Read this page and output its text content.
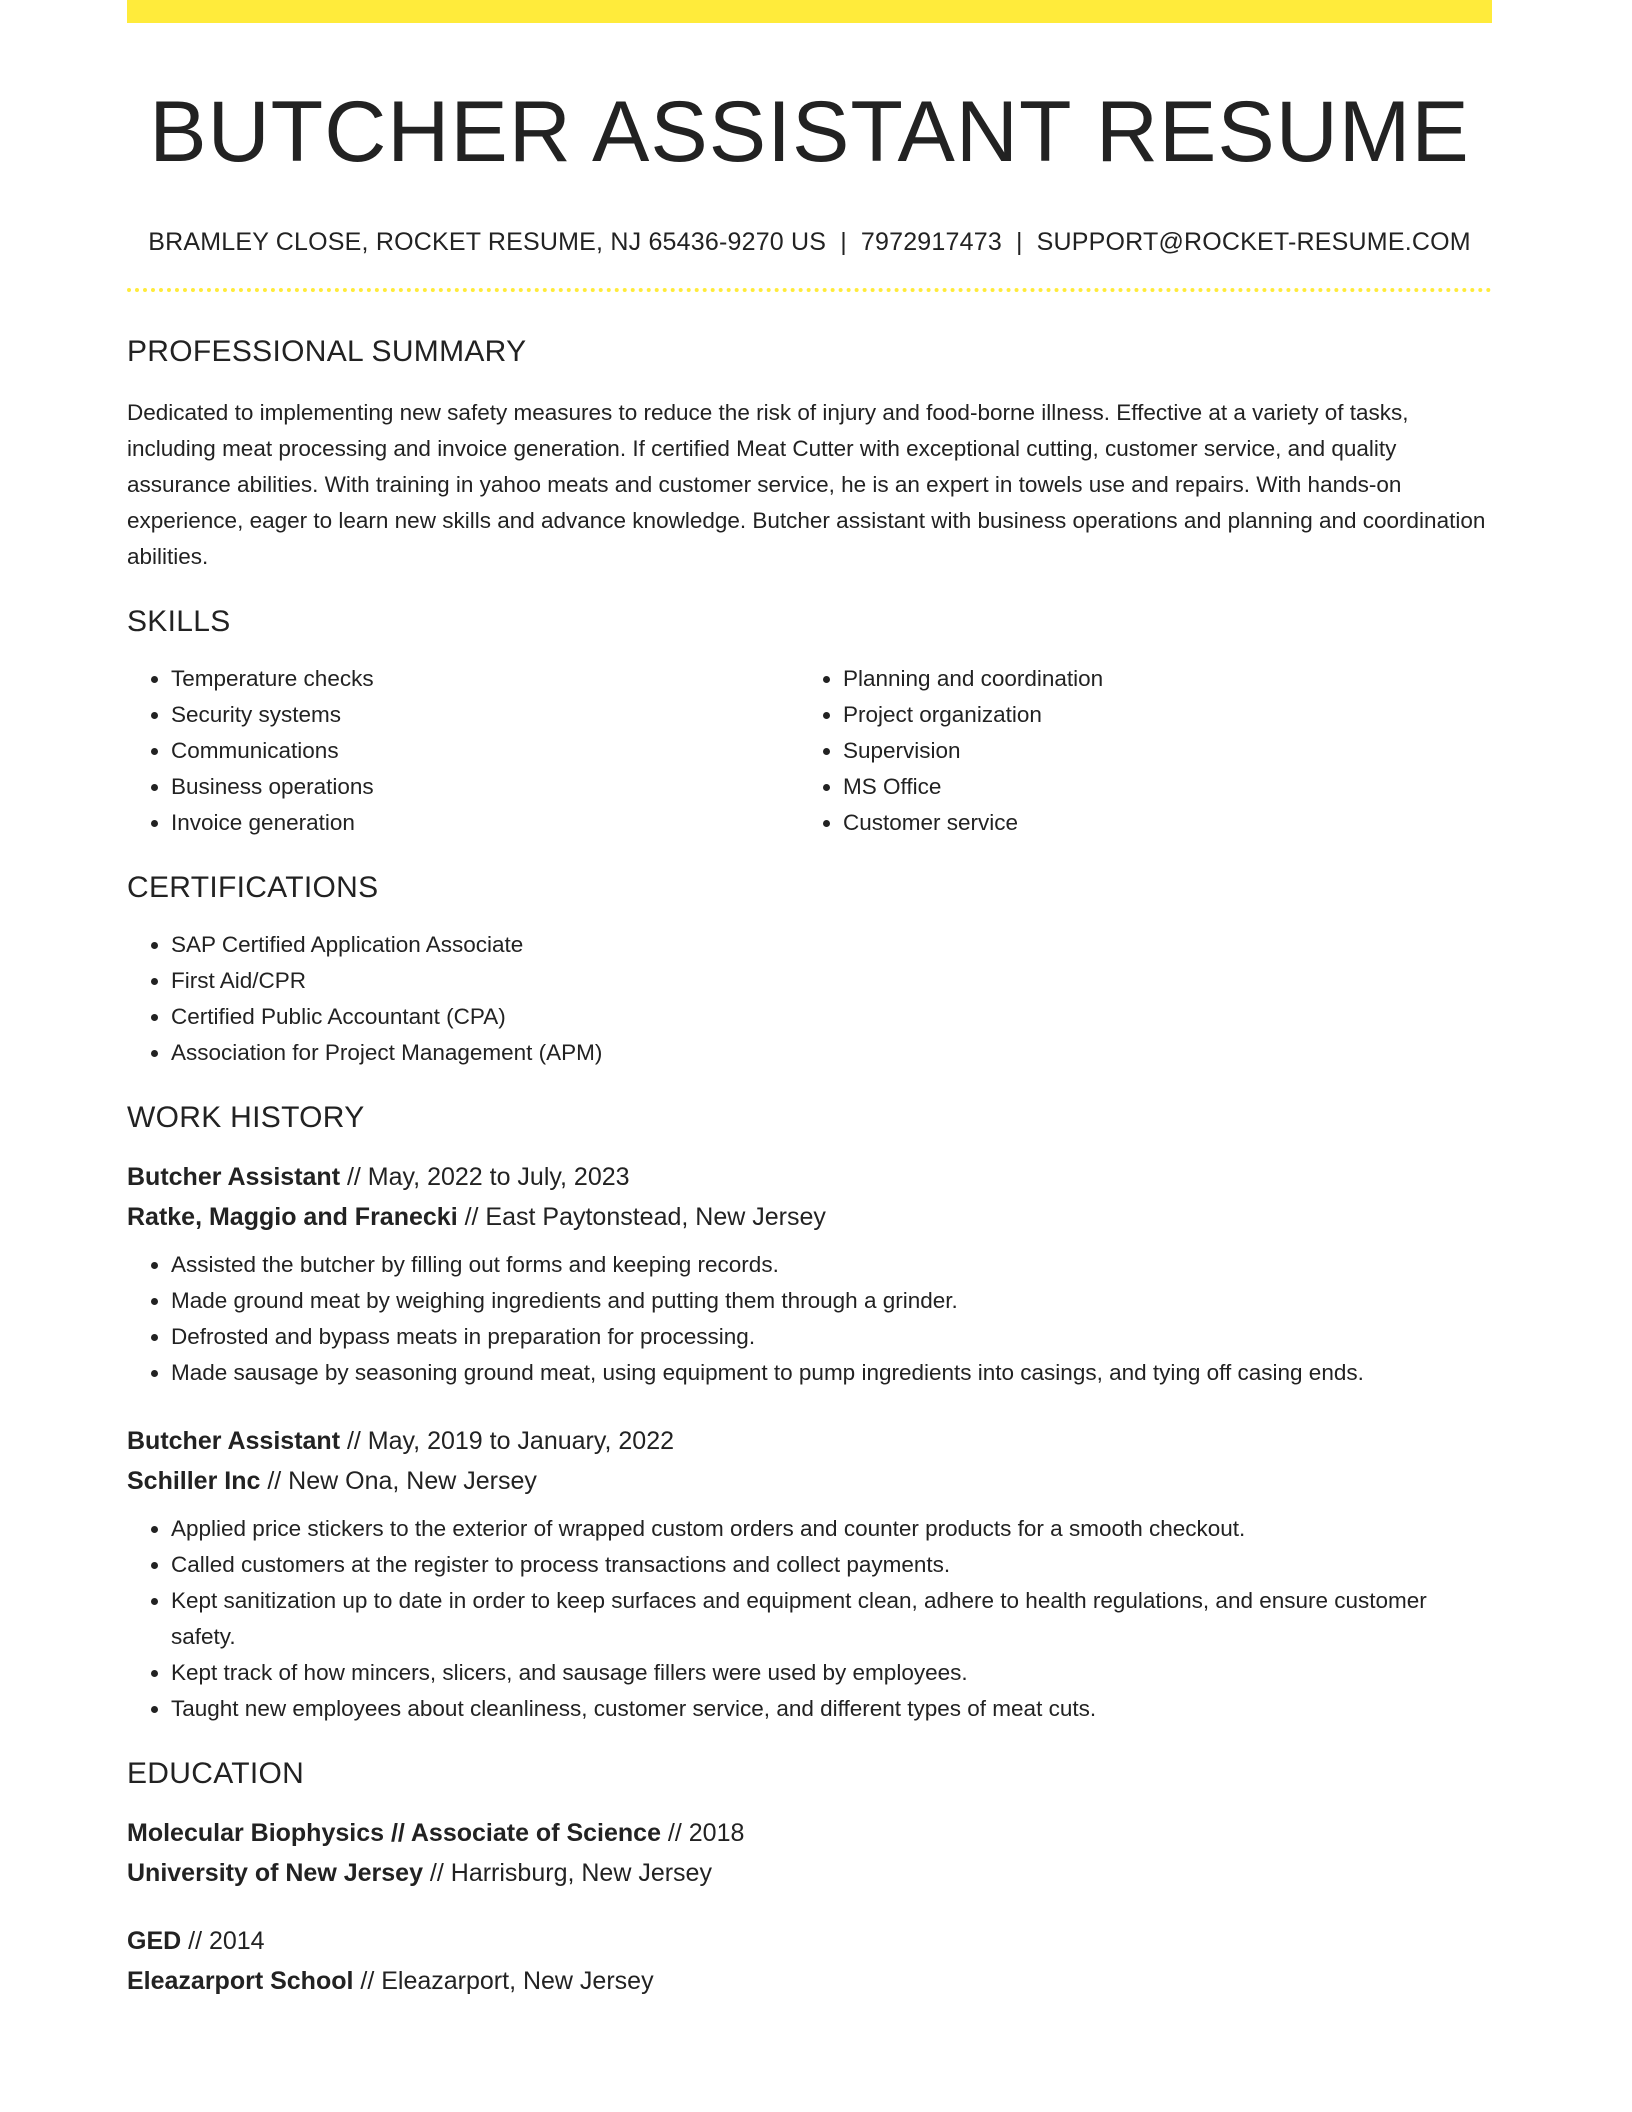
BUTCHER ASSISTANT RESUME
BRAMLEY CLOSE, ROCKET RESUME, NJ 65436-9270 US | 7972917473 | SUPPORT@ROCKET-RESUME.COM
PROFESSIONAL SUMMARY

Dedicated to implementing new safety measures to reduce the risk of injury and food-borne illness. Effective at a variety of tasks, including meat processing and invoice generation. If certified Meat Cutter with exceptional cutting, customer service, and quality assurance abilities. With training in yahoo meats and customer service, he is an expert in towels use and repairs. With hands-on experience, eager to learn new skills and advance knowledge. Butcher assistant with business operations and planning and coordination abilities.

SKILLS
• Temperature checks
• Security systems
• Communications
• Business operations
• Invoice generation
• Planning and coordination
• Project organization
• Supervision
• MS Office
• Customer service
CERTIFICATIONS
• SAP Certified Application Associate
• First Aid/CPR
• Certified Public Accountant (CPA)
• Association for Project Management (APM)
WORK HISTORY
Butcher Assistant // May, 2022 to July, 2023
Ratke, Maggio and Franecki // East Paytonstead, New Jersey
• Assisted the butcher by filling out forms and keeping records.
• Made ground meat by weighing ingredients and putting them through a grinder.
• Defrosted and bypass meats in preparation for processing.
• Made sausage by seasoning ground meat, using equipment to pump ingredients into casings, and tying off casing ends.
Butcher Assistant // May, 2019 to January, 2022
Schiller Inc // New Ona, New Jersey
• Applied price stickers to the exterior of wrapped custom orders and counter products for a smooth checkout.
• Called customers at the register to process transactions and collect payments.
• Kept sanitization up to date in order to keep surfaces and equipment clean, adhere to health regulations, and ensure customer safety.
• Kept track of how mincers, slicers, and sausage fillers were used by employees.
• Taught new employees about cleanliness, customer service, and different types of meat cuts.
EDUCATION
Molecular Biophysics // Associate of Science // 2018
University of New Jersey // Harrisburg, New Jersey
GED // 2014
Eleazarport School // Eleazarport, New Jersey
